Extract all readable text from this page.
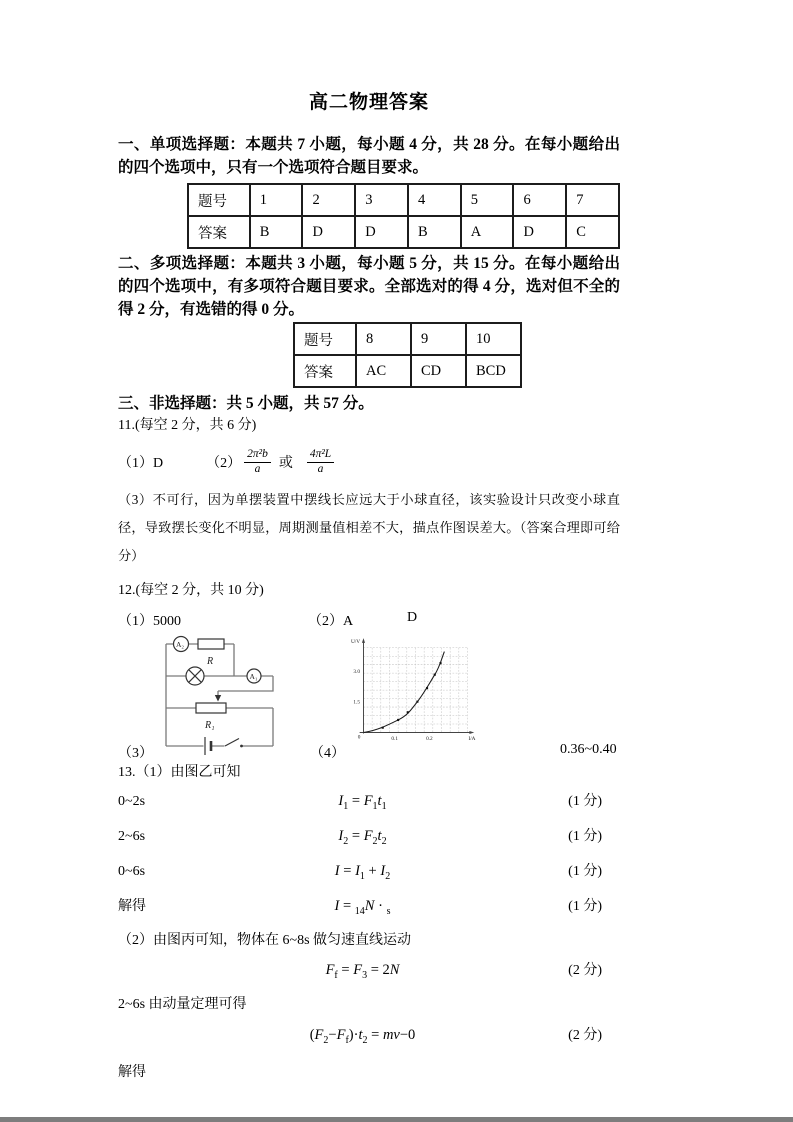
高二物理答案

一、单项选择题：本题共 7 小题，每小题 4 分，共 28 分。在每小题给出的四个选项中，只有一个选项符合题目要求。

题号	1	2	3	4	5	6	7
答案	B	D	D	B	A	D	C

二、多项选择题：本题共 3 小题，每小题 5 分，共 15 分。在每小题给出的四个选项中，有多项符合题目要求。全部选对的得 4 分，选对但不全的得 2 分，有选错的得 0 分。

题号	8	9	10
答案	AC	CD	BCD

三、非选择题：共 5 小题，共 57 分。

11.(每空 2 分，共 6 分)

（1）D	$(2) \frac{\text{2π²b}}{a}$ 或 $\frac{\text{4π²L}}{a}$

（3）不可行，因为单摆装置中摆线长应远大于小球直径，该实验设计只改变小球直径，导致摆长变化不明显，周期测量值相差不大，描点作图误差大。（答案合理即可给分）

12.(每空 2 分，共 10 分)

（1）5000	（2）A	D
A₂
R
A₁
R₁
U/V
3.0
1.5
0	0.1	0.2	I/A
（3）	（4）	0.36~0.40

13.（1）由图乙可知

0~2s	$I_1 = F_1t_1$	(1 分)
2~6s	$I_2 = F_2t_2$	(1 分)
0~6s	$I = I_1 + I_2$	(1 分)
解得	I = $_{14}$N · $_s$	(1 分)

（2）由图丙可知，物体在 6~8s 做匀速直线运动

$F_f = F_3 = 2N$	(2 分)

2~6s 由动量定理可得

$(F_2-F_f)\cdot t_2 = mv-0$	(2 分)

解得
